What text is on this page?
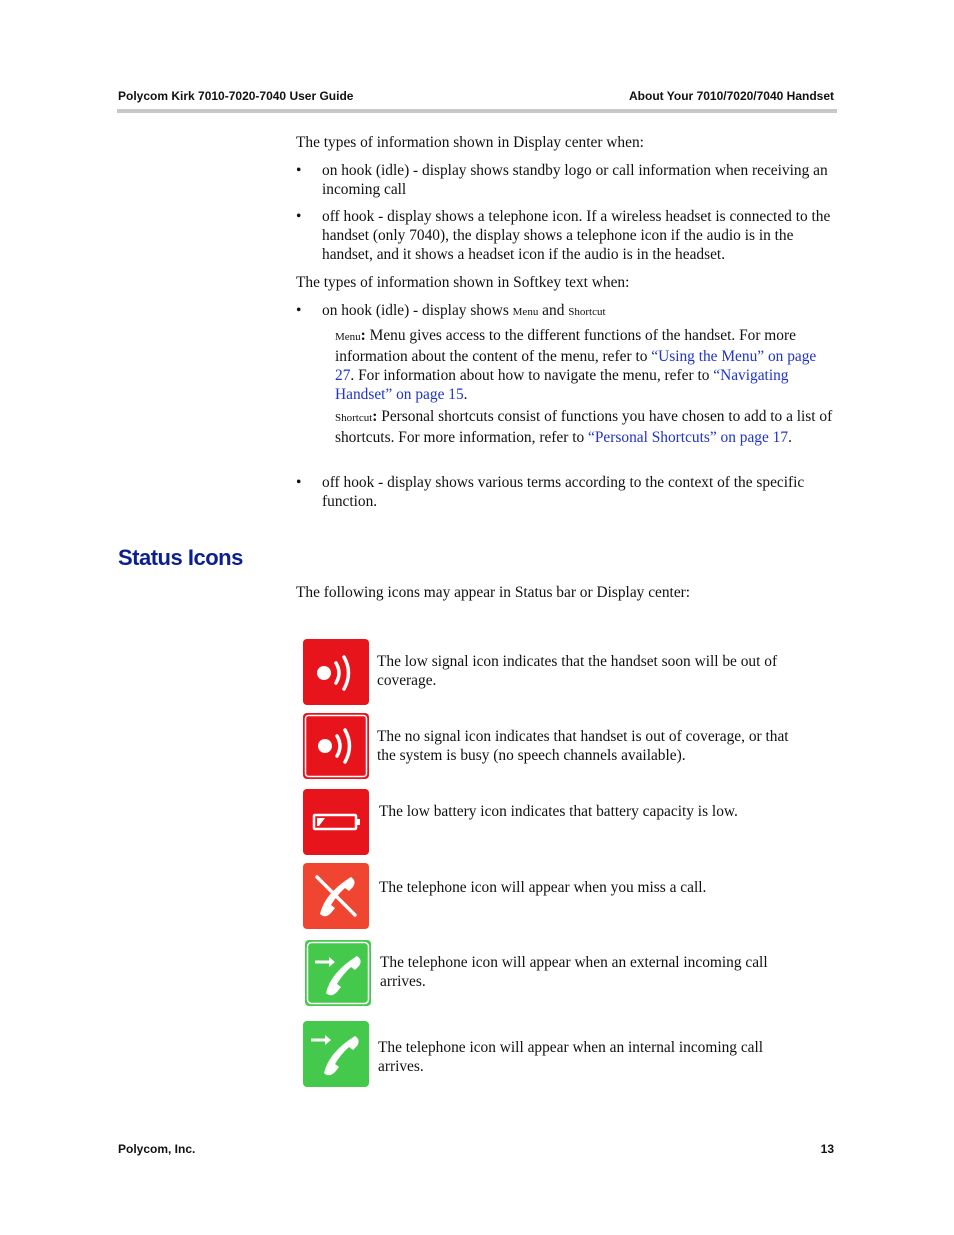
Polycom Kirk 7010-7020-7040 User Guide	About Your 7010/7020/7040 Handset
The types of information shown in Display center when:
• on hook (idle) - display shows standby logo or call information when receiving an incoming call
• off hook - display shows a telephone icon. If a wireless headset is connected to the handset (only 7040), the display shows a telephone icon if the audio is in the handset, and it shows a headset icon if the audio is in the headset.
The types of information shown in Softkey text when:
• on hook (idle) - display shows Menu and Shortcut
Menu: Menu gives access to the different functions of the handset. For more information about the content of the menu, refer to “Using the Menu” on page 27. For information about how to navigate the menu, refer to “Navigating Handset” on page 15.
Shortcut: Personal shortcuts consist of functions you have chosen to add to a list of shortcuts. For more information, refer to “Personal Shortcuts” on page 17.
• off hook - display shows various terms according to the context of the specific function.
Status Icons
The following icons may appear in Status bar or Display center:
The low signal icon indicates that the handset soon will be out of coverage.
The no signal icon indicates that handset is out of coverage, or that the system is busy (no speech channels available).
The low battery icon indicates that battery capacity is low.
The telephone icon will appear when you miss a call.
The telephone icon will appear when an external incoming call arrives.
The telephone icon will appear when an internal incoming call arrives.
Polycom, Inc.	13
